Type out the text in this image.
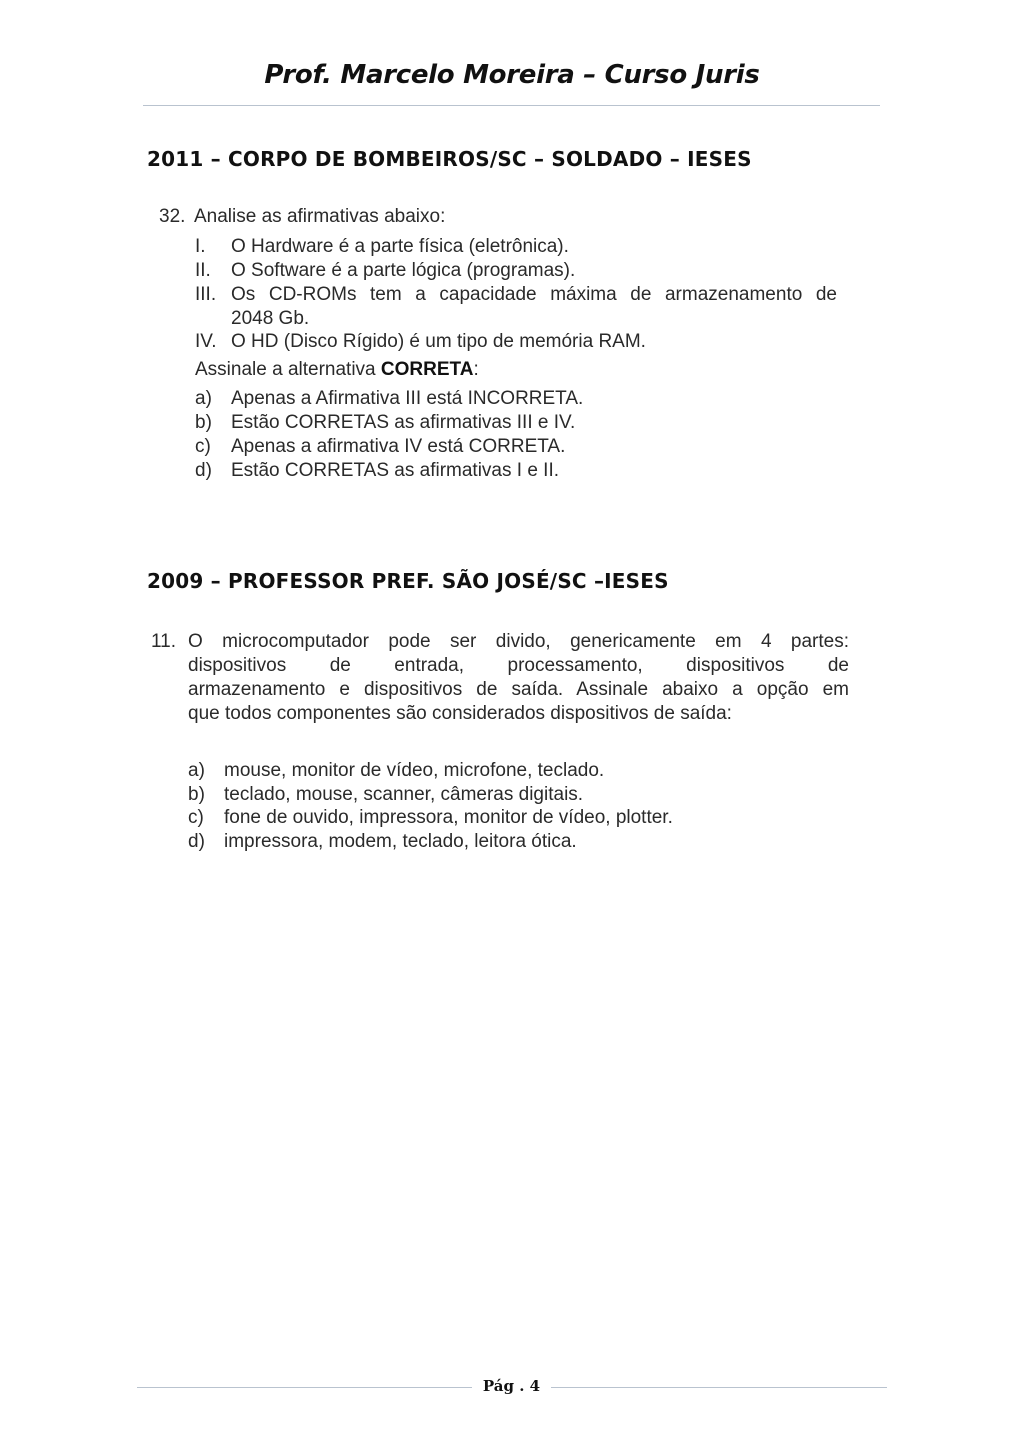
Prof. Marcelo Moreira – Curso Juris
2011 – CORPO DE BOMBEIROS/SC – SOLDADO – IESES
32. Analise as afirmativas abaixo:
I. O Hardware é a parte física (eletrônica).
II. O Software é a parte lógica (programas).
III. Os CD-ROMs tem a capacidade máxima de armazenamento de
2048 Gb.
IV. O HD (Disco Rígido) é um tipo de memória RAM.
Assinale a alternativa CORRETA:
a) Apenas a Afirmativa III está INCORRETA.
b) Estão CORRETAS as afirmativas III e IV.
c) Apenas a afirmativa IV está CORRETA.
d) Estão CORRETAS as afirmativas I e II.
2009 – PROFESSOR PREF. SÃO JOSÉ/SC –IESES
11. O microcomputador pode ser divido, genericamente em 4 partes:
dispositivos de entrada, processamento, dispositivos de
armazenamento e dispositivos de saída. Assinale abaixo a opção em
que todos componentes são considerados dispositivos de saída:
a) mouse, monitor de vídeo, microfone, teclado.
b) teclado, mouse, scanner, câmeras digitais.
c) fone de ouvido, impressora, monitor de vídeo, plotter.
d) impressora, modem, teclado, leitora ótica.
Pág . 4
